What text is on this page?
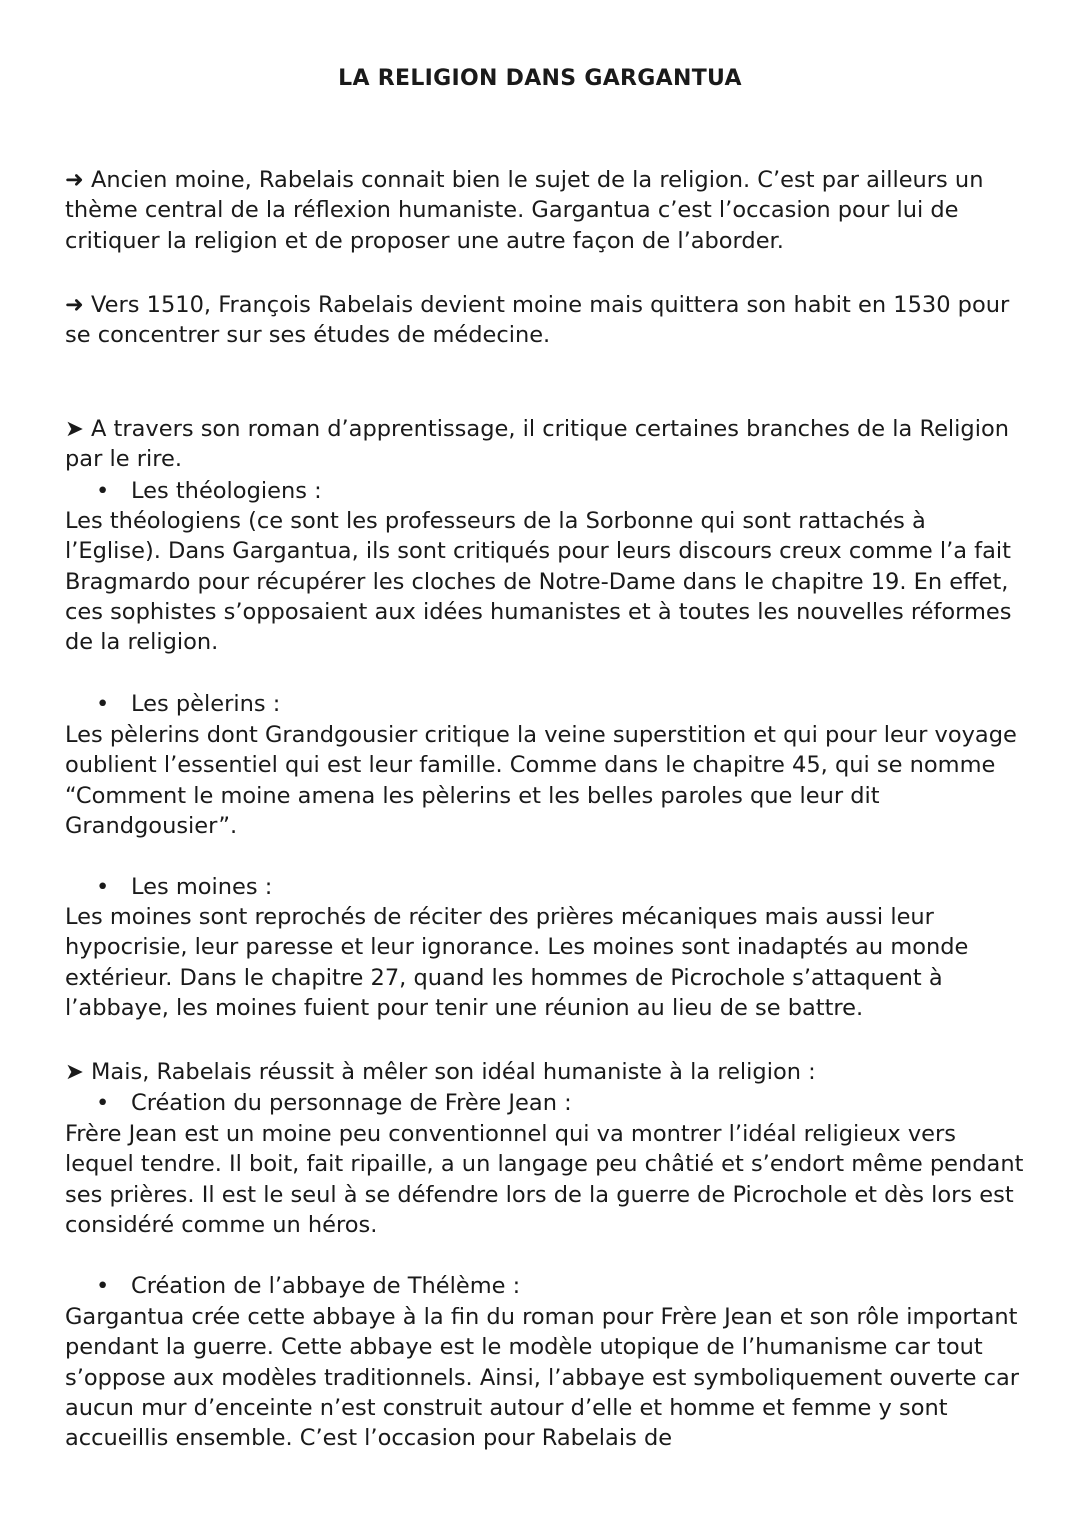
LA RELIGION DANS GARGANTUA

➜ Ancien moine, Rabelais connait bien le sujet de la religion. C’est par ailleurs un thème central de la réflexion humaniste. Gargantua c’est l’occasion pour lui de critiquer la religion et de proposer une autre façon de l’aborder.

➜ Vers 1510, François Rabelais devient moine mais quittera son habit en 1530 pour se concentrer sur ses études de médecine.

➤ A travers son roman d’apprentissage, il critique certaines branches de la Religion par le rire.

• Les théologiens :

Les théologiens (ce sont les professeurs de la Sorbonne qui sont rattachés à l’Eglise). Dans Gargantua, ils sont critiqués pour leurs discours creux comme l’a fait Bragmardo pour récupérer les cloches de Notre-Dame dans le chapitre 19. En effet, ces sophistes s’opposaient aux idées humanistes et à toutes les nouvelles réformes de la religion.

• Les pèlerins :

Les pèlerins dont Grandgousier critique la veine superstition et qui pour leur voyage oublient l’essentiel qui est leur famille. Comme dans le chapitre 45, qui se nomme “Comment le moine amena les pèlerins et les belles paroles que leur dit Grandgousier”.

• Les moines :

Les moines sont reprochés de réciter des prières mécaniques mais aussi leur hypocrisie, leur paresse et leur ignorance. Les moines sont inadaptés au monde extérieur. Dans le chapitre 27, quand les hommes de Picrochole s’attaquent à l’abbaye, les moines fuient pour tenir une réunion au lieu de se battre.

➤ Mais, Rabelais réussit à mêler son idéal humaniste à la religion :

• Création du personnage de Frère Jean :

Frère Jean est un moine peu conventionnel qui va montrer l’idéal religieux vers lequel tendre. Il boit, fait ripaille, a un langage peu châtié et s’endort même pendant ses prières. Il est le seul à se défendre lors de la guerre de Picrochole et dès lors est considéré comme un héros.

• Création de l’abbaye de Thélème :

Gargantua crée cette abbaye à la fin du roman pour Frère Jean et son rôle important pendant la guerre. Cette abbaye est le modèle utopique de l’humanisme car tout s’oppose aux modèles traditionnels. Ainsi, l’abbaye est symboliquement ouverte car aucun mur d’enceinte n’est construit autour d’elle et homme et femme y sont accueillis ensemble. C’est l’occasion pour Rabelais de
